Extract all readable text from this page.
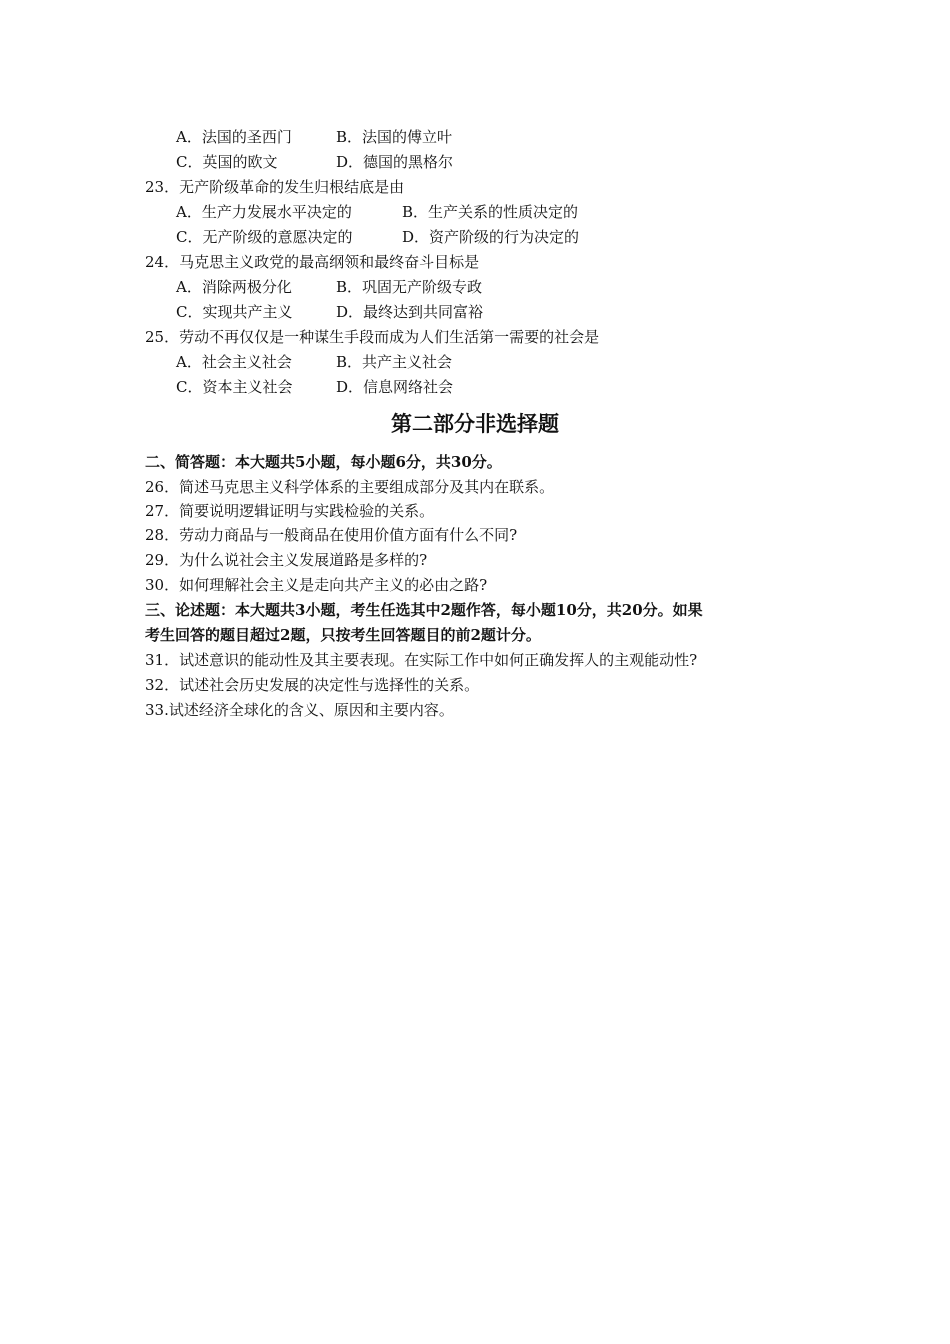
A．法国的圣西门	B．法国的傅立叶
C．英国的欧文	D．德国的黑格尔
23．无产阶级革命的发生归根结底是由
A．生产力发展水平决定的	B．生产关系的性质决定的
C．无产阶级的意愿决定的	D．资产阶级的行为决定的
24．马克思主义政党的最高纲领和最终奋斗目标是
A．消除两极分化	B．巩固无产阶级专政
C．实现共产主义	D．最终达到共同富裕
25．劳动不再仅仅是一种谋生手段而成为人们生活第一需要的社会是
A．社会主义社会	B．共产主义社会
C．资本主义社会	D．信息网络社会
第二部分非选择题
二、简答题：本大题共5小题，每小题6分，共30分。
26．简述马克思主义科学体系的主要组成部分及其内在联系。
27．简要说明逻辑证明与实践检验的关系。
28．劳动力商品与一般商品在使用价值方面有什么不同?
29．为什么说社会主义发展道路是多样的?
30．如何理解社会主义是走向共产主义的必由之路?
三、论述题：本大题共3小题，考生任选其中2题作答，每小题10分，共20分。如果
考生回答的题目超过2题，只按考生回答题目的前2题计分。
31．试述意识的能动性及其主要表现。在实际工作中如何正确发挥人的主观能动性?
32．试述社会历史发展的决定性与选择性的关系。
33.试述经济全球化的含义、原因和主要内容。
